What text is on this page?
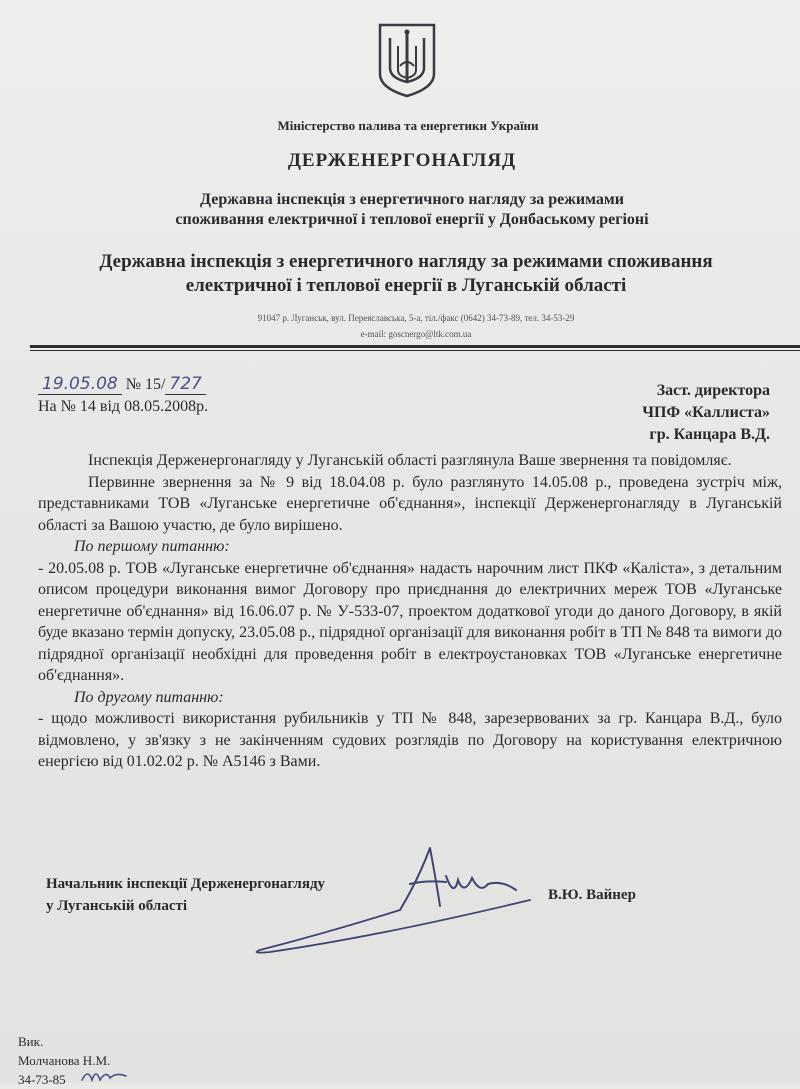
Міністерство палива та енергетики України
ДЕРЖЕНЕРГОНАГЛЯД
Державна інспекція з енергетичного нагляду за режимами
споживання електричної і теплової енергії у Донбаському регіоні
Державна інспекція з енергетичного нагляду за режимами споживання
електричної і теплової енергії в Луганській області
91047 р. Луганськ, вул. Переяславська, 5-а, тіл./факс (0642) 34-73-89, тел. 34-53-29
e-mail: goscnergo@ltk.com.ua
19.05.08 № 15/ 727
На № 14 від 08.05.2008р.
Заст. директора
ЧПФ «Каллиста»
гр. Канцара В.Д.

Інспекція Держенергонагляду у Луганській області разглянула Ваше звернення та повідомляє.

Первинне звернення за № 9 від 18.04.08 р. було разглянуто 14.05.08 р., проведена зустріч між, представниками ТОВ «Луганське енергетичне об'єднання», інспекції Держенергонагляду в Луганській області за Вашою участю, де було вирішено.

По першому питанню:

- 20.05.08 р. ТОВ «Луганське енергетичне об'єднання» надасть нарочним лист ПКФ «Каліста», з детальним описом процедури виконання вимог Договору про приєднання до електричних мереж ТОВ «Луганське енергетичне об'єднання» від 16.06.07 р. № У-533-07, проектом додаткової угоди до даного Договору, в якій буде вказано термін допуску, 23.05.08 р., підрядної організації для виконання робіт в ТП № 848 та вимоги до підрядної організації необхідні для проведення робіт в електроустановках ТОВ «Луганське енергетичне об'єднання».

По другому питанню:

- щодо можливості використання рубильників у ТП № 848, зарезервованих за гр. Канцара В.Д., було відмовлено, у зв'язку з не закінченням судових розглядів по Договору на користування електричною енергією від 01.02.02 р. № А5146 з Вами.

Начальник інспекції Держенергонагляду
у Луганській області
В.Ю. Вайнер
Вик.
Молчанова Н.М.
34-73-85
